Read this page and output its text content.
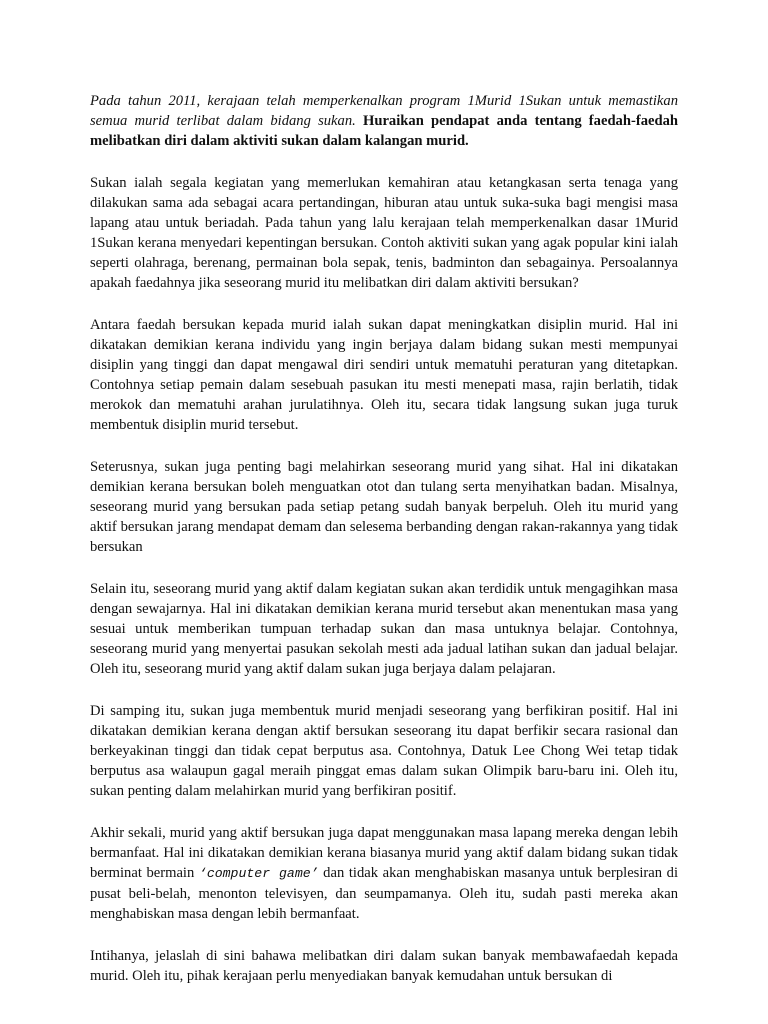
Pada tahun 2011, kerajaan telah memperkenalkan program 1Murid 1Sukan untuk memastikan semua murid terlibat dalam bidang sukan. Huraikan pendapat anda tentang faedah-faedah melibatkan diri dalam aktiviti sukan dalam kalangan murid.

Sukan ialah segala kegiatan yang memerlukan kemahiran atau ketangkasan serta tenaga yang dilakukan sama ada sebagai acara pertandingan, hiburan atau untuk suka-suka bagi mengisi masa lapang atau untuk beriadah. Pada tahun yang lalu kerajaan telah memperkenalkan dasar 1Murid 1Sukan kerana menyedari kepentingan bersukan. Contoh aktiviti sukan yang agak popular kini ialah seperti olahraga, berenang, permainan bola sepak, tenis, badminton dan sebagainya. Persoalannya apakah faedahnya jika seseorang murid itu melibatkan diri dalam aktiviti bersukan?

Antara faedah bersukan kepada murid ialah sukan dapat meningkatkan disiplin murid. Hal ini dikatakan demikian kerana individu yang ingin berjaya dalam bidang sukan mesti mempunyai disiplin yang tinggi dan dapat mengawal diri sendiri untuk mematuhi peraturan yang ditetapkan. Contohnya setiap pemain dalam sesebuah pasukan itu mesti menepati masa, rajin berlatih, tidak merokok dan mematuhi arahan jurulatihnya. Oleh itu, secara tidak langsung sukan juga turuk membentuk disiplin murid tersebut.

Seterusnya, sukan juga penting bagi melahirkan seseorang murid yang sihat. Hal ini dikatakan demikian kerana bersukan boleh menguatkan otot dan tulang serta menyihatkan badan. Misalnya, seseorang murid yang bersukan pada setiap petang sudah banyak berpeluh. Oleh itu murid yang aktif bersukan jarang mendapat demam dan selesema berbanding dengan rakan-rakannya yang tidak bersukan

Selain itu, seseorang murid yang aktif dalam kegiatan sukan akan terdidik untuk mengagihkan masa dengan sewajarnya. Hal ini dikatakan demikian kerana murid tersebut akan menentukan masa yang sesuai untuk memberikan tumpuan terhadap sukan dan masa untuknya belajar. Contohnya, seseorang murid yang menyertai pasukan sekolah mesti ada jadual latihan sukan dan jadual belajar. Oleh itu, seseorang murid yang aktif dalam sukan juga berjaya dalam pelajaran.

Di samping itu, sukan juga membentuk murid menjadi seseorang yang berfikiran positif. Hal ini dikatakan demikian kerana dengan aktif bersukan seseorang itu dapat berfikir secara rasional dan berkeyakinan tinggi dan tidak cepat berputus asa. Contohnya, Datuk Lee Chong Wei tetap tidak berputus asa walaupun gagal meraih pinggat emas dalam sukan Olimpik baru-baru ini. Oleh itu, sukan penting dalam melahirkan murid yang berfikiran positif.

Akhir sekali, murid yang aktif bersukan juga dapat menggunakan masa lapang mereka dengan lebih bermanfaat. Hal ini dikatakan demikian kerana biasanya murid yang aktif dalam bidang sukan tidak berminat bermain ‘computer game’ dan tidak akan menghabiskan masanya untuk berplesiran di pusat beli-belah, menonton televisyen, dan seumpamanya. Oleh itu, sudah pasti mereka akan menghabiskan masa dengan lebih bermanfaat.

Intihanya, jelaslah di sini bahawa melibatkan diri dalam sukan banyak membawafaedah kepada murid. Oleh itu, pihak kerajaan perlu menyediakan banyak kemudahan untuk bersukan di
